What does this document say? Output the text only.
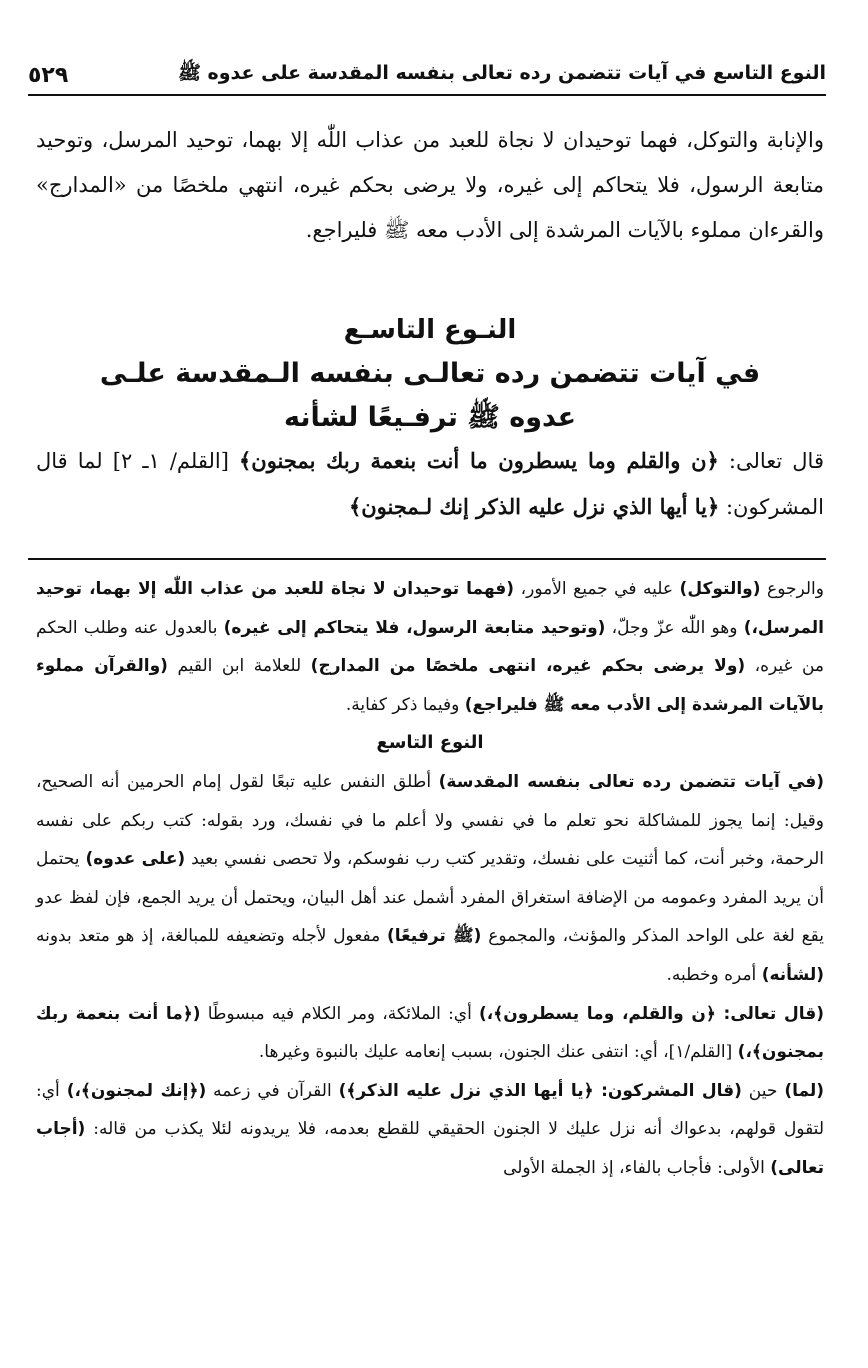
النوع التاسع في آيات تتضمن رده تعالى بنفسه المقدسة على عدوه ﷺ
٥٢٩
والإنابة والتوكل، فهما توحيدان لا نجاة للعبد من عذاب اللّٰه إلا بهما، توحيد المرسل، وتوحيد متابعة الرسول، فلا يتحاكم إلى غيره، ولا يرضى بحكم غيره، انتهي ملخصًا من «المدارج» والقرءان مملوء بالآيات المرشدة إلى الأدب معه ﷺ فليراجع.
النـوع التاسـع
في آيات تتضمن رده تعالـى بنفسه الـمقدسة علـى
عدوه ﷺ ترفـيعًا لشأنه
قال تعالى: ﴿ن والقلم وما يسطرون ما أنت بنعمة ربك بمجنون﴾ [القلم/ ١ـ ٢] لما قال المشركون: ﴿يا أيها الذي نزل عليه الذكر إنك لـمجنون﴾

والرجوع (والتوكل) عليه في جميع الأمور، (فهما توحيدان لا نجاة للعبد من عذاب اللّٰه إلا بهما، توحيد المرسل،) وهو اللّٰه عزّ وجلّ، (وتوحيد متابعة الرسول، فلا يتحاكم إلى غيره) بالعدول عنه وطلب الحكم من غيره، (ولا يرضى بحكم غيره، انتهى ملخصًا من المدارج) للعلامة ابن القيم (والقرآن مملوء بالآيات المرشدة إلى الأدب معه ﷺ فليراجع) وفيما ذكر كفاية.

النوع التاسع

(في آيات تتضمن رده تعالى بنفسه المقدسة) أطلق النفس عليه تبعًا لقول إمام الحرمين أنه الصحيح، وقيل: إنما يجوز للمشاكلة نحو تعلم ما في نفسي ولا أعلم ما في نفسك، ورد بقوله: كتب ربكم على نفسه الرحمة، وخبر أنت، كما أثنيت على نفسك، وتقدير كتب رب نفوسكم، ولا تحصى نفسي بعيد (على عدوه) يحتمل أن يريد المفرد وعمومه من الإضافة استغراق المفرد أشمل عند أهل البيان، ويحتمل أن يريد الجمع، فإن لفظ عدو يقع لغة على الواحد المذكر والمؤنث، والمجموع (ﷺ ترفيعًا) مفعول لأجله وتضعيفه للمبالغة، إذ هو متعد بدونه (لشأنه) أمره وخطبه.

(قال تعالى: ﴿ن والقلم، وما يسطرون﴾،) أي: الملائكة، ومر الكلام فيه مبسوطًا (﴿ما أنت بنعمة ربك بمجنون﴾،) [القلم/١]، أي: انتفى عنك الجنون، بسبب إنعامه عليك بالنبوة وغيرها.

(لما) حين (قال المشركون: ﴿يا أيها الذي نزل عليه الذكر﴾) القرآن في زعمه (﴿إنك لمجنون﴾،) أي: لتقول قولهم، بدعواك أنه نزل عليك لا الجنون الحقيقي للقطع بعدمه، فلا يريدونه لئلا يكذب من قاله: (أجاب تعالى) الأولى: فأجاب بالفاء، إذ الجملة الأولى
